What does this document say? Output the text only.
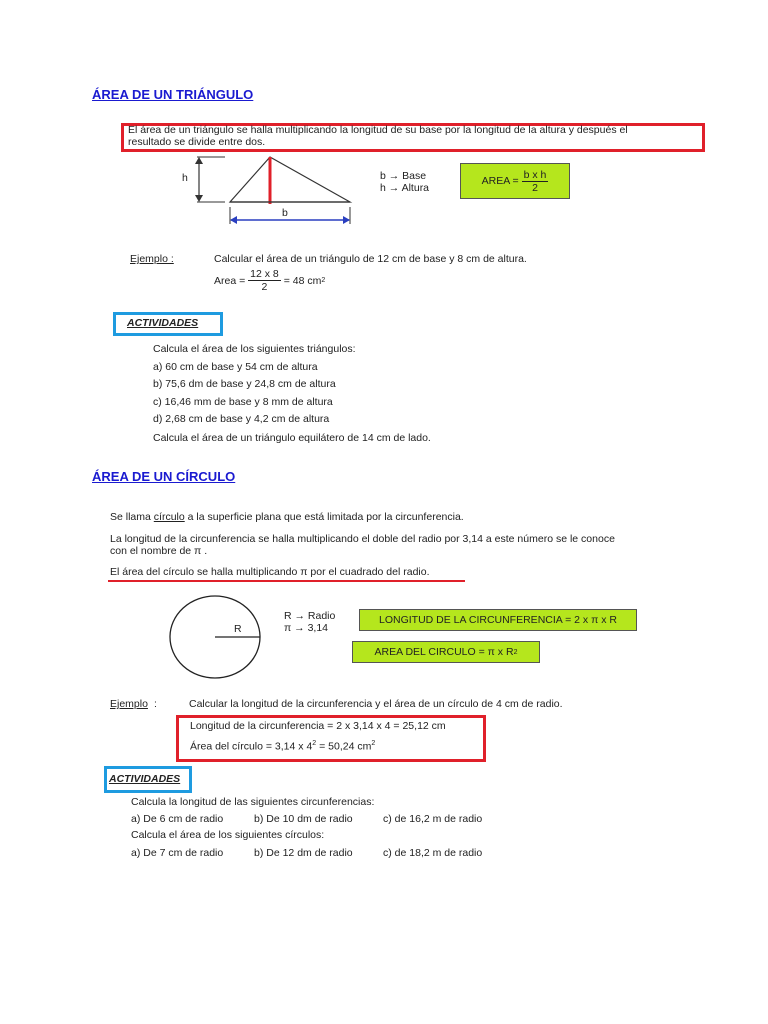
ÁREA DE UN TRIÁNGULO
El área de un triángulo se halla multiplicando la longitud de su base por la longitud de la altura y después el
resultado se divide entre dos.
h
b
b → Base
h → Altura
AREA =
$\frac{\text{b x h}}{2}$
Ejemplo :	Calcular el área de un triángulo de 12 cm de base y 8 cm de altura.
Area =
$\frac{12 x 8}{2}$
= 48 cm 2
ACTIVIDADES
Calcula el área de los siguientes triángulos:
a) 60 cm de base y 54 cm de altura
b) 75,6 dm de base y 24,8 cm de altura
c) 16,46 mm de base y 8 mm de altura
d) 2,68 cm de base y 4,2 cm de altura
Calcula el área de un triángulo equilátero de 14 cm de lado.
ÁREA DE UN CÍRCULO
Se llama círculo a la superficie plana que está limitada por la circunferencia.
La longitud de la circunferencia se halla multiplicando el doble del radio por 3,14 a este número se le conoce
con el nombre de π .
El área del círculo se halla multiplicando π por el cuadrado del radio.
R
R → Radio
π → 3,14
LONGITUD DE LA CIRCUNFERENCIA = 2 x π x R
AREA DEL CIRCULO = π x R 2
Ejemplo :	Calcular la longitud de la circunferencia y el área de un círculo de 4 cm de radio.
Longitud de la circunferencia = 2 x 3,14 x 4 = 25,12 cm
Área del círculo = 3,14 x $4^2 = 50,24$ $cm^2$
ACTIVIDADES
Calcula la longitud de las siguientes circunferencias:
a) De 6 cm de radio	b) De 10 dm de radio	c) de 16,2 m de radio
Calcula el área de los siguientes círculos:
a) De 7 cm de radio	b) De 12 dm de radio	c) de 18,2 m de radio
